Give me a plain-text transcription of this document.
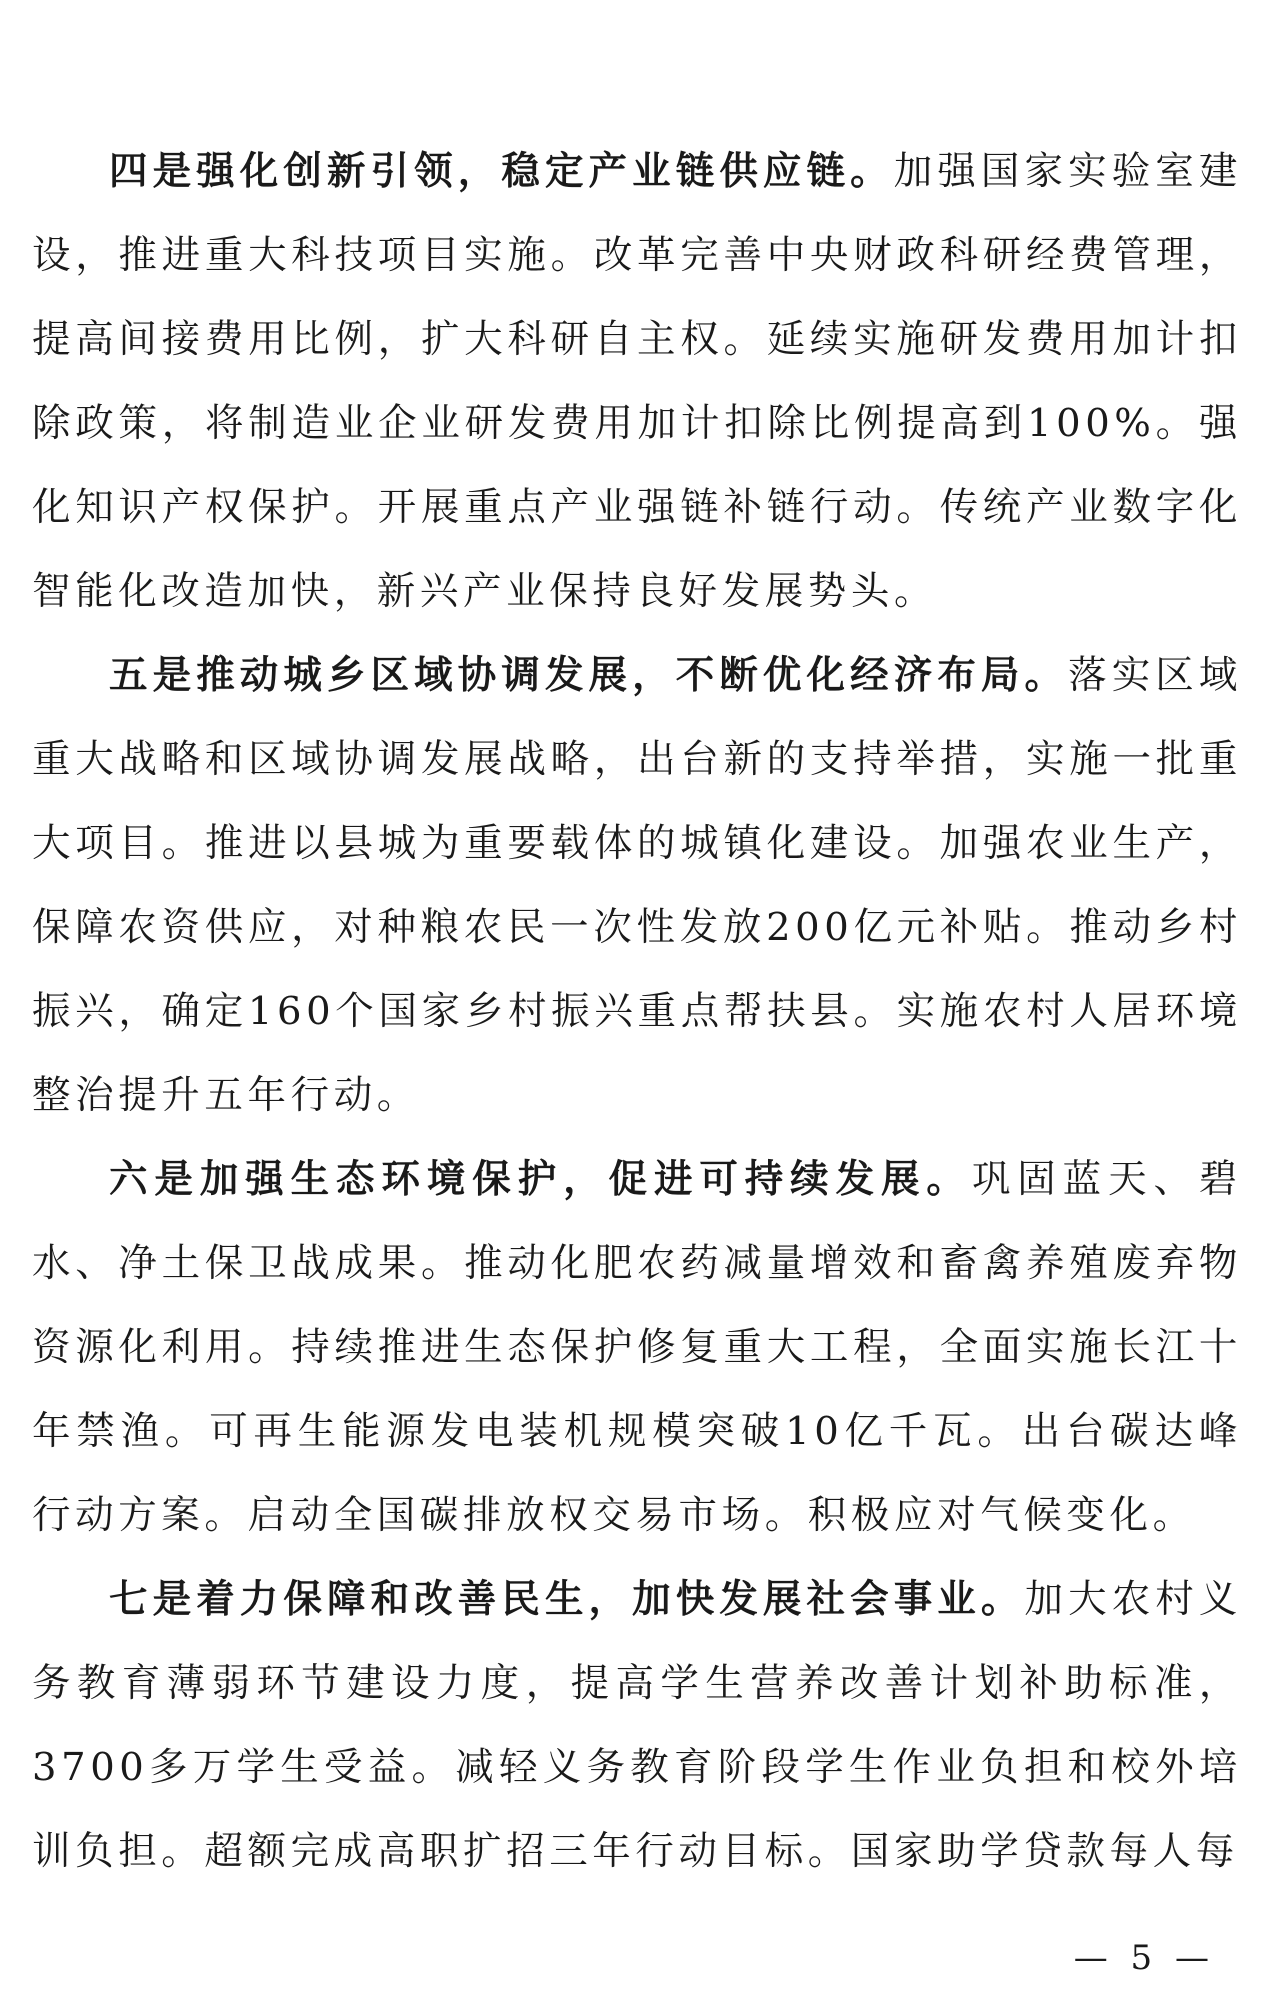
四是强化创新引领，稳定产业链供应链。加强国家实验室建设，推进重大科技项目实施。改革完善中央财政科研经费管理，提高间接费用比例，扩大科研自主权。延续实施研发费用加计扣除政策，将制造业企业研发费用加计扣除比例提高到100%。强化知识产权保护。开展重点产业强链补链行动。传统产业数字化智能化改造加快，新兴产业保持良好发展势头。

五是推动城乡区域协调发展，不断优化经济布局。落实区域重大战略和区域协调发展战略，出台新的支持举措，实施一批重大项目。推进以县城为重要载体的城镇化建设。加强农业生产，保障农资供应，对种粮农民一次性发放200亿元补贴。推动乡村振兴，确定160个国家乡村振兴重点帮扶县。实施农村人居环境整治提升五年行动。

六是加强生态环境保护，促进可持续发展。巩固蓝天、碧水、净土保卫战成果。推动化肥农药减量增效和畜禽养殖废弃物资源化利用。持续推进生态保护修复重大工程，全面实施长江十年禁渔。可再生能源发电装机规模突破10亿千瓦。出台碳达峰行动方案。启动全国碳排放权交易市场。积极应对气候变化。

七是着力保障和改善民生，加快发展社会事业。加大农村义务教育薄弱环节建设力度，提高学生营养改善计划补助标准，3700多万学生受益。减轻义务教育阶段学生作业负担和校外培训负担。超额完成高职扩招三年行动目标。国家助学贷款每人每

— 5 —
